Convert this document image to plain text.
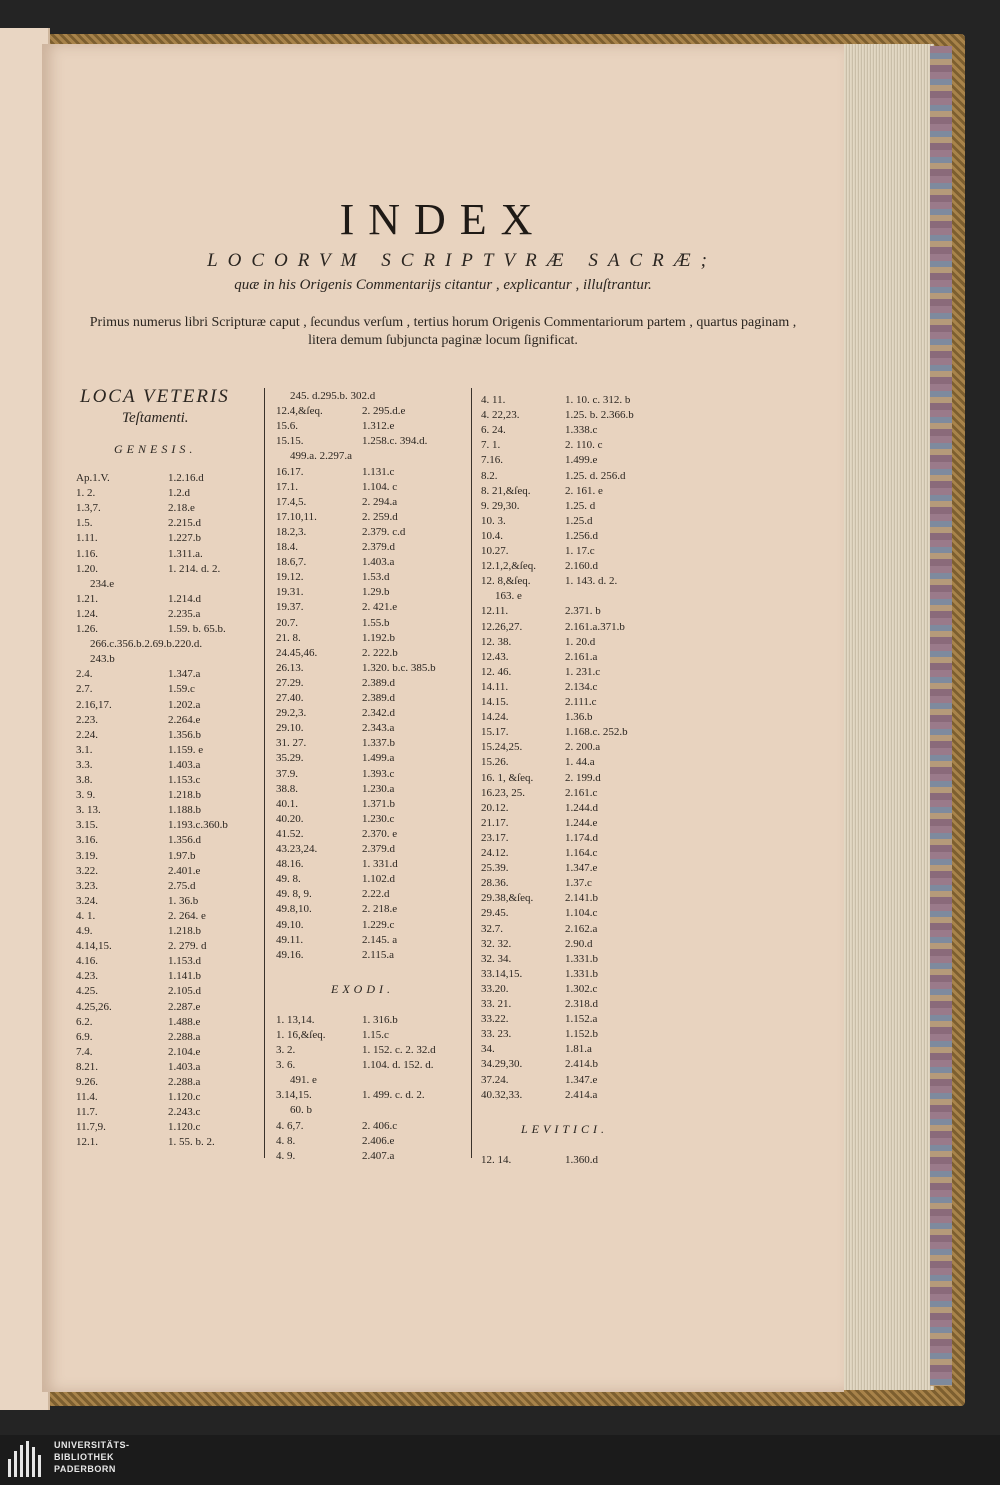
INDEX
LOCORVM SCRIPTVRÆ SACRÆ;
quæ in his Origenis Commentarijs citantur , explicantur , illuſtrantur.
Primus numerus libri Scripturæ caput , ſecundus verſum , tertius horum Origenis Commentariorum partem , quartus paginam , litera demum ſubjuncta paginæ locum ſignificat.
LOCA VETERIS
Teſtamenti.
GENESIS.
Ap.1.V.	1.2.16.d
1. 2.	1.2.d
1.3,7.	2.18.e
1.5.	2.215.d
1.11.	1.227.b
1.16.	1.311.a.
1.20.	1. 214. d. 2.
234.e
1.21.	1.214.d
1.24.	2.235.a
1.26.	1.59. b. 65.b.
266.c.356.b.2.69.b.220.d.
243.b
2.4.	1.347.a
2.7.	1.59.c
2.16,17.	1.202.a
2.23.	2.264.e
2.24.	1.356.b
3.1.	1.159. e
3.3.	1.403.a
3.8.	1.153.c
3. 9.	1.218.b
3. 13.	1.188.b
3.15.	1.193.c.360.b
3.16.	1.356.d
3.19.	1.97.b
3.22.	2.401.e
3.23.	2.75.d
3.24.	1. 36.b
4. 1.	2. 264. e
4.9.	1.218.b
4.14,15.	2. 279. d
4.16.	1.153.d
4.23.	1.141.b
4.25.	2.105.d
4.25,26.	2.287.e
6.2.	1.488.e
6.9.	2.288.a
7.4.	2.104.e
8.21.	1.403.a
9.26.	2.288.a
11.4.	1.120.c
11.7.	2.243.c
11.7,9.	1.120.c
12.1.	1. 55. b. 2.
245. d.295.b. 302.d
12.4,&ſeq.	2. 295.d.e
15.6.	1.312.e
15.15.	1.258.c. 394.d.
499.a. 2.297.a
16.17.	1.131.c
17.1.	1.104. c
17.4,5.	2. 294.a
17.10,11.	2. 259.d
18.2,3.	2.379. c.d
18.4.	2.379.d
18.6,7.	1.403.a
19.12.	1.53.d
19.31.	1.29.b
19.37.	2. 421.e
20.7.	1.55.b
21. 8.	1.192.b
24.45,46.	2. 222.b
26.13.	1.320. b.c. 385.b
27.29.	2.389.d
27.40.	2.389.d
29.2,3.	2.342.d
29.10.	2.343.a
31. 27.	1.337.b
35.29.	1.499.a
37.9.	1.393.c
38.8.	1.230.a
40.1.	1.371.b
40.20.	1.230.c
41.52.	2.370. e
43.23,24.	2.379.d
48.16.	1. 331.d
49. 8.	1.102.d
49. 8, 9.	2.22.d
49.8,10.	2. 218.e
49.10.	1.229.c
49.11.	2.145. a
49.16.	2.115.a
EXODI.
1. 13,14.	1. 316.b
1. 16,&ſeq.	1.15.c
3. 2.	1. 152. c. 2. 32.d
3. 6.	1.104. d. 152. d.
491. e
3.14,15.	1. 499. c. d. 2.
60. b
4. 6,7.	2. 406.c
4. 8.	2.406.e
4. 9.	2.407.a
4. 11.	1. 10. c. 312. b
4. 22,23.	1.25. b. 2.366.b
6. 24.	1.338.c
7. 1.	2. 110. c
7.16.	1.499.e
8.2.	1.25. d. 256.d
8. 21,&ſeq.	2. 161. e
9. 29,30.	1.25. d
10. 3.	1.25.d
10.4.	1.256.d
10.27.	1. 17.c
12.1,2,&ſeq.	2.160.d
12. 8,&ſeq.	1. 143. d. 2.
163. e
12.11.	2.371. b
12.26,27.	2.161.a.371.b
12. 38.	1. 20.d
12.43.	2.161.a
12. 46.	1. 231.c
14.11.	2.134.c
14.15.	2.111.c
14.24.	1.36.b
15.17.	1.168.c. 252.b
15.24,25.	2. 200.a
15.26.	1. 44.a
16. 1, &ſeq.	2. 199.d
16.23, 25.	2.161.c
20.12.	1.244.d
21.17.	1.244.e
23.17.	1.174.d
24.12.	1.164.c
25.39.	1.347.e
28.36.	1.37.c
29.38,&ſeq.	2.141.b
29.45.	1.104.c
32.7.	2.162.a
32. 32.	2.90.d
32. 34.	1.331.b
33.14,15.	1.331.b
33.20.	1.302.c
33. 21.	2.318.d
33.22.	1.152.a
33. 23.	1.152.b
34.	1.81.a
34.29,30.	2.414.b
37.24.	1.347.e
40.32,33.	2.414.a
LEVITICI.
12. 14.	1.360.d
UNIVERSITÄTS-
BIBLIOTHEK
PADERBORN
